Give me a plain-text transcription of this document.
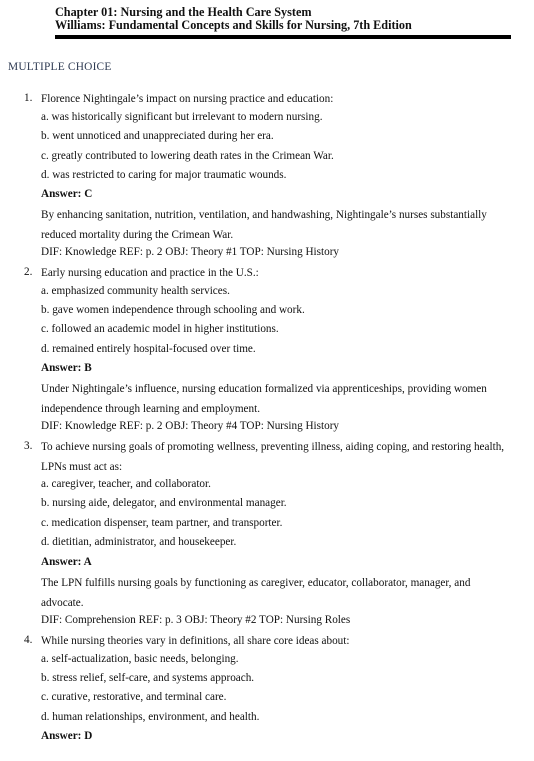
Chapter 01: Nursing and the Health Care System
Williams: Fundamental Concepts and Skills for Nursing, 7th Edition
MULTIPLE CHOICE
1. Florence Nightingale’s impact on nursing practice and education:
a. was historically significant but irrelevant to modern nursing.
b. went unnoticed and unappreciated during her era.
c. greatly contributed to lowering death rates in the Crimean War.
d. was restricted to caring for major traumatic wounds.
Answer: C
By enhancing sanitation, nutrition, ventilation, and handwashing, Nightingale’s nurses substantially reduced mortality during the Crimean War.
DIF: Knowledge REF: p. 2 OBJ: Theory #1 TOP: Nursing History
2. Early nursing education and practice in the U.S.:
a. emphasized community health services.
b. gave women independence through schooling and work.
c. followed an academic model in higher institutions.
d. remained entirely hospital-focused over time.
Answer: B
Under Nightingale’s influence, nursing education formalized via apprenticeships, providing women independence through learning and employment.
DIF: Knowledge REF: p. 2 OBJ: Theory #4 TOP: Nursing History
3. To achieve nursing goals of promoting wellness, preventing illness, aiding coping, and restoring health, LPNs must act as:
a. caregiver, teacher, and collaborator.
b. nursing aide, delegator, and environmental manager.
c. medication dispenser, team partner, and transporter.
d. dietitian, administrator, and housekeeper.
Answer: A
The LPN fulfills nursing goals by functioning as caregiver, educator, collaborator, manager, and advocate.
DIF: Comprehension REF: p. 3 OBJ: Theory #2 TOP: Nursing Roles
4. While nursing theories vary in definitions, all share core ideas about:
a. self-actualization, basic needs, belonging.
b. stress relief, self-care, and systems approach.
c. curative, restorative, and terminal care.
d. human relationships, environment, and health.
Answer: D
